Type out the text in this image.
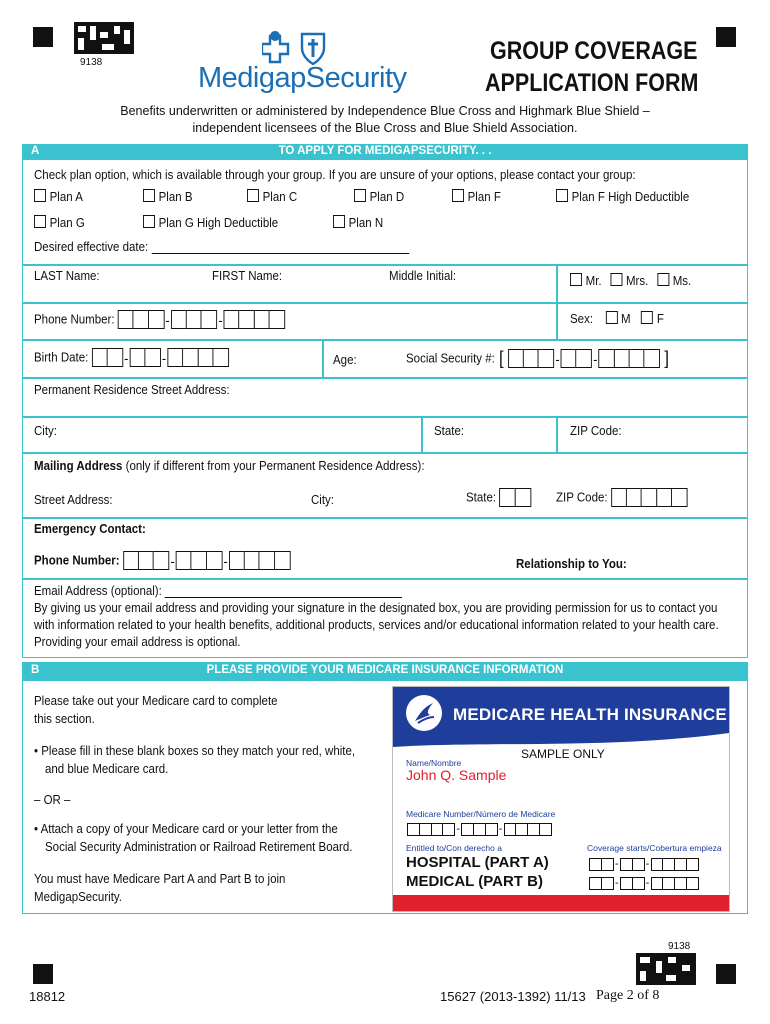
9138	MedigapSecurity
GROUP COVERAGE
APPLICATION FORM
Benefits underwritten or administered by Independence Blue Cross and Highmark Blue Shield –
independent licensees of the Blue Cross and Blue Shield Association.
A	TO APPLY FOR MEDIGAPSECURITY. . .
Check plan option, which is available through your group. If you are unsure of your options, please contact your group:
Plan A	Plan B	Plan C	Plan D	Plan F	Plan F High Deductible
Plan G	Plan G High Deductible	Plan N
Desired effective date:
LAST Name:	FIRST Name:	Middle Initial:	Mr. Mrs. Ms.
Phone Number:	-	-	Sex: M F
Birth Date:	- -	Age:	Social Security #: [	- -	]
Permanent Residence Street Address:
City:	State:	ZIP Code:
Mailing Address (only if different from your Permanent Residence Address):
Street Address:	City:	State:	ZIP Code:
Emergency Contact:
Phone Number:	-	-	Relationship to You:
Email Address (optional):
By giving us your email address and providing your signature in the designated box, you are providing permission for us to contact you
with information related to your health benefits, additional products, services and/or educational information related to your health care.
Providing your email address is optional.
B	PLEASE PROVIDE YOUR MEDICARE INSURANCE INFORMATION
Please take out your Medicare card to complete
this section.
• Please fill in these blank boxes so they match your red, white,
and blue Medicare card.
– OR –
• Attach a copy of your Medicare card or your letter from the
Social Security Administration or Railroad Retirement Board.
You must have Medicare Part A and Part B to join
MedigapSecurity.
MEDICARE HEALTH INSURANCE
SAMPLE ONLY
Name/Nombre
John Q. Sample
Medicare Number/Número de Medicare
-	-
Entitled to/Con derecho a	Coverage starts/Cobertura empieza
HOSPITAL (PART A)
MEDICAL (PART B)
- -
- -
9138
18812	15627 (2013-1392) 11/13 Page 2 of 8
